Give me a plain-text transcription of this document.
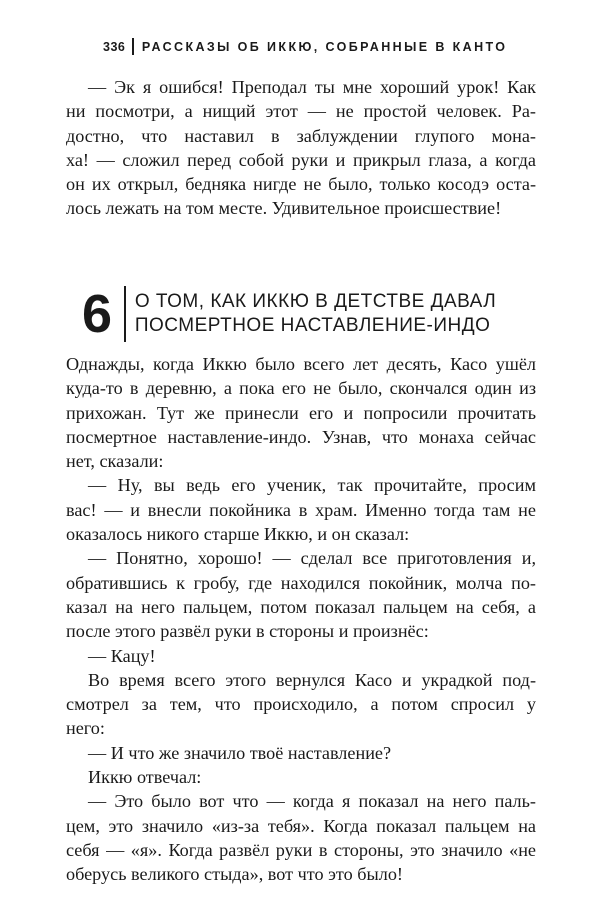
336 РАССКАЗЫ ОБ ИККЮ, СОБРАННЫЕ В КАНТО
— Эк я ошибся! Преподал ты мне хороший урок! Как
ни посмотри, а нищий этот — не простой человек. Ра-
достно, что наставил в заблуждении глупого мона-
ха! — сложил перед собой руки и прикрыл глаза, а когда
он их открыл, бедняка нигде не было, только косодэ оста-
лось лежать на том месте. Удивительное происшествие!
6 О ТОМ, КАК ИККЮ В ДЕТСТВЕ ДАВАЛ
ПОСМЕРТНОЕ НАСТАВЛЕНИЕ-ИНДО
Однажды, когда Иккю было всего лет десять, Касо ушёл
куда-то в деревню, а пока его не было, скончался один из
прихожан. Тут же принесли его и попросили прочитать
посмертное наставление-индо. Узнав, что монаха сейчас
нет, сказали:
— Ну, вы ведь его ученик, так прочитайте, просим
вас! — и внесли покойника в храм. Именно тогда там не
оказалось никого старше Иккю, и он сказал:
— Понятно, хорошо! — сделал все приготовления и,
обратившись к гробу, где находился покойник, молча по-
казал на него пальцем, потом показал пальцем на себя, а
после этого развёл руки в стороны и произнёс:
— Кацу!
Во время всего этого вернулся Касо и украдкой под-
смотрел за тем, что происходило, а потом спросил у
него:
— И что же значило твоё наставление?
Иккю отвечал:
— Это было вот что — когда я показал на него паль-
цем, это значило «из-за тебя». Когда показал пальцем на
себя — «я». Когда развёл руки в стороны, это значило «не
оберусь великого стыда», вот что это было!
